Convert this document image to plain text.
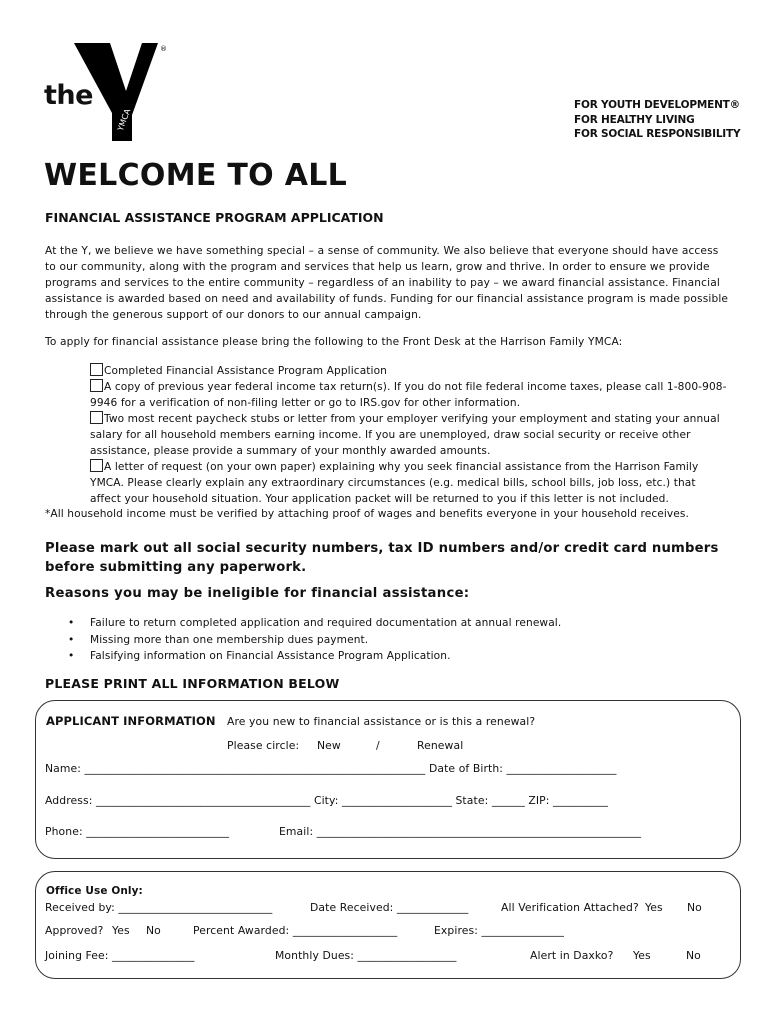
the
YMCA
®
FOR YOUTH DEVELOPMENT®
FOR HEALTHY LIVING
FOR SOCIAL RESPONSIBILITY
WELCOME TO ALL
FINANCIAL ASSISTANCE PROGRAM APPLICATION
At the Y, we believe we have something special – a sense of community. We also believe that everyone should have access to our community, along with the program and services that help us learn, grow and thrive. In order to ensure we provide programs and services to the entire community – regardless of an inability to pay – we award financial assistance. Financial assistance is awarded based on need and availability of funds. Funding for our financial assistance program is made possible through the generous support of our donors to our annual campaign.
To apply for financial assistance please bring the following to the Front Desk at the Harrison Family YMCA:
Completed Financial Assistance Program Application
A copy of previous year federal income tax return(s). If you do not file federal income taxes, please call 1-800-908-9946 for a verification of non-filing letter or go to IRS.gov for other information.
Two most recent paycheck stubs or letter from your employer verifying your employment and stating your annual salary for all household members earning income. If you are unemployed, draw social security or receive other assistance, please provide a summary of your monthly awarded amounts.
A letter of request (on your own paper) explaining why you seek financial assistance from the Harrison Family YMCA. Please clearly explain any extraordinary circumstances (e.g. medical bills, school bills, job loss, etc.) that affect your household situation. Your application packet will be returned to you if this letter is not included.
*All household income must be verified by attaching proof of wages and benefits everyone in your household receives.
Please mark out all social security numbers, tax ID numbers and/or credit card numbers before submitting any paperwork.
Reasons you may be ineligible for financial assistance:
• Failure to return completed application and required documentation at annual renewal.
• Missing more than one membership dues payment.
• Falsifying information on Financial Assistance Program Application.
PLEASE PRINT ALL INFORMATION BELOW
APPLICANT INFORMATION Are you new to financial assistance or is this a renewal?
Please circle: New	/	Renewal
Name: ______________________________________________________________ Date of Birth: ____________________
Address: _______________________________________ City: ____________________ State: ______ ZIP: __________
Phone: __________________________	Email: ___________________________________________________________
Office Use Only:
Received by: ____________________________	Date Received: _____________	All Verification Attached? Yes No
Approved? Yes No	Percent Awarded: ___________________	Expires: _______________
Joining Fee: _______________	Monthly Dues: __________________	Alert in Daxko? Yes	No
